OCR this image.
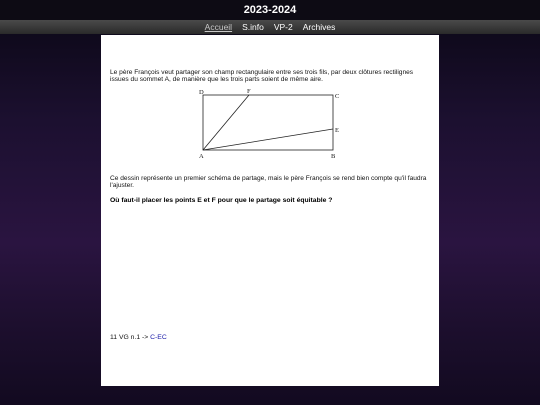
2023-2024
Accueil S.info VP-2 Archives

Le père François veut partager son champ rectangulaire entre ses trois fils, par deux clôtures rectilignes issues du sommet A, de manière que les trois parts soient de même aire.

D	F
C
E
A	B

Ce dessin représente un premier schéma de partage, mais le père François se rend bien compte qu'il faudra l'ajuster.

Où faut-il placer les points E et F pour que le partage soit équitable ?

11 VG n.1 -> C-EC
